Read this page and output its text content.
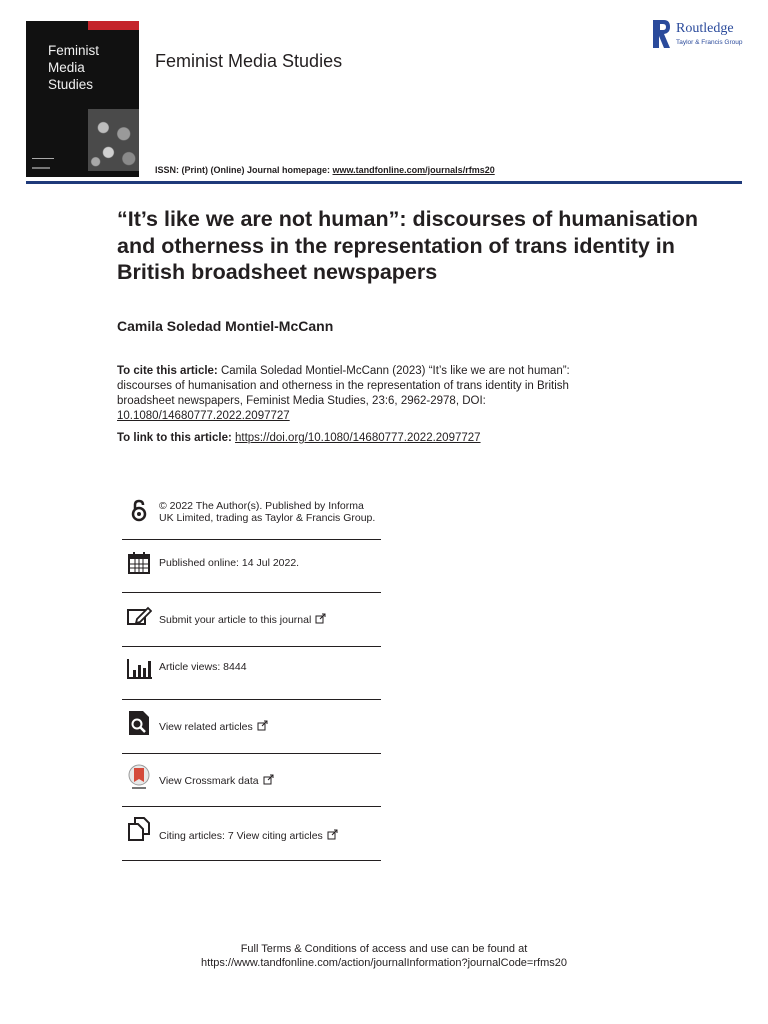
Feminist
Media
Studies
Feminist Media Studies
ISSN: (Print) (Online) Journal homepage: www.tandfonline.com/journals/rfms20
Routledge
Taylor & Francis Group
“It’s like we are not human”: discourses of humanisation and otherness in the representation of trans identity in British broadsheet newspapers
Camila Soledad Montiel-McCann
To cite this article: Camila Soledad Montiel-McCann (2023) “It’s like we are not human”: discourses of humanisation and otherness in the representation of trans identity in British broadsheet newspapers, Feminist Media Studies, 23:6, 2962-2978, DOI: 10.1080/14680777.2022.2097727
To link to this article: https://doi.org/10.1080/14680777.2022.2097727
© 2022 The Author(s). Published by Informa UK Limited, trading as Taylor & Francis Group.
Published online: 14 Jul 2022.
Submit your article to this journal
Article views: 8444
View related articles
View Crossmark data
Citing articles: 7 View citing articles
Full Terms & Conditions of access and use can be found at
https://www.tandfonline.com/action/journalInformation?journalCode=rfms20
